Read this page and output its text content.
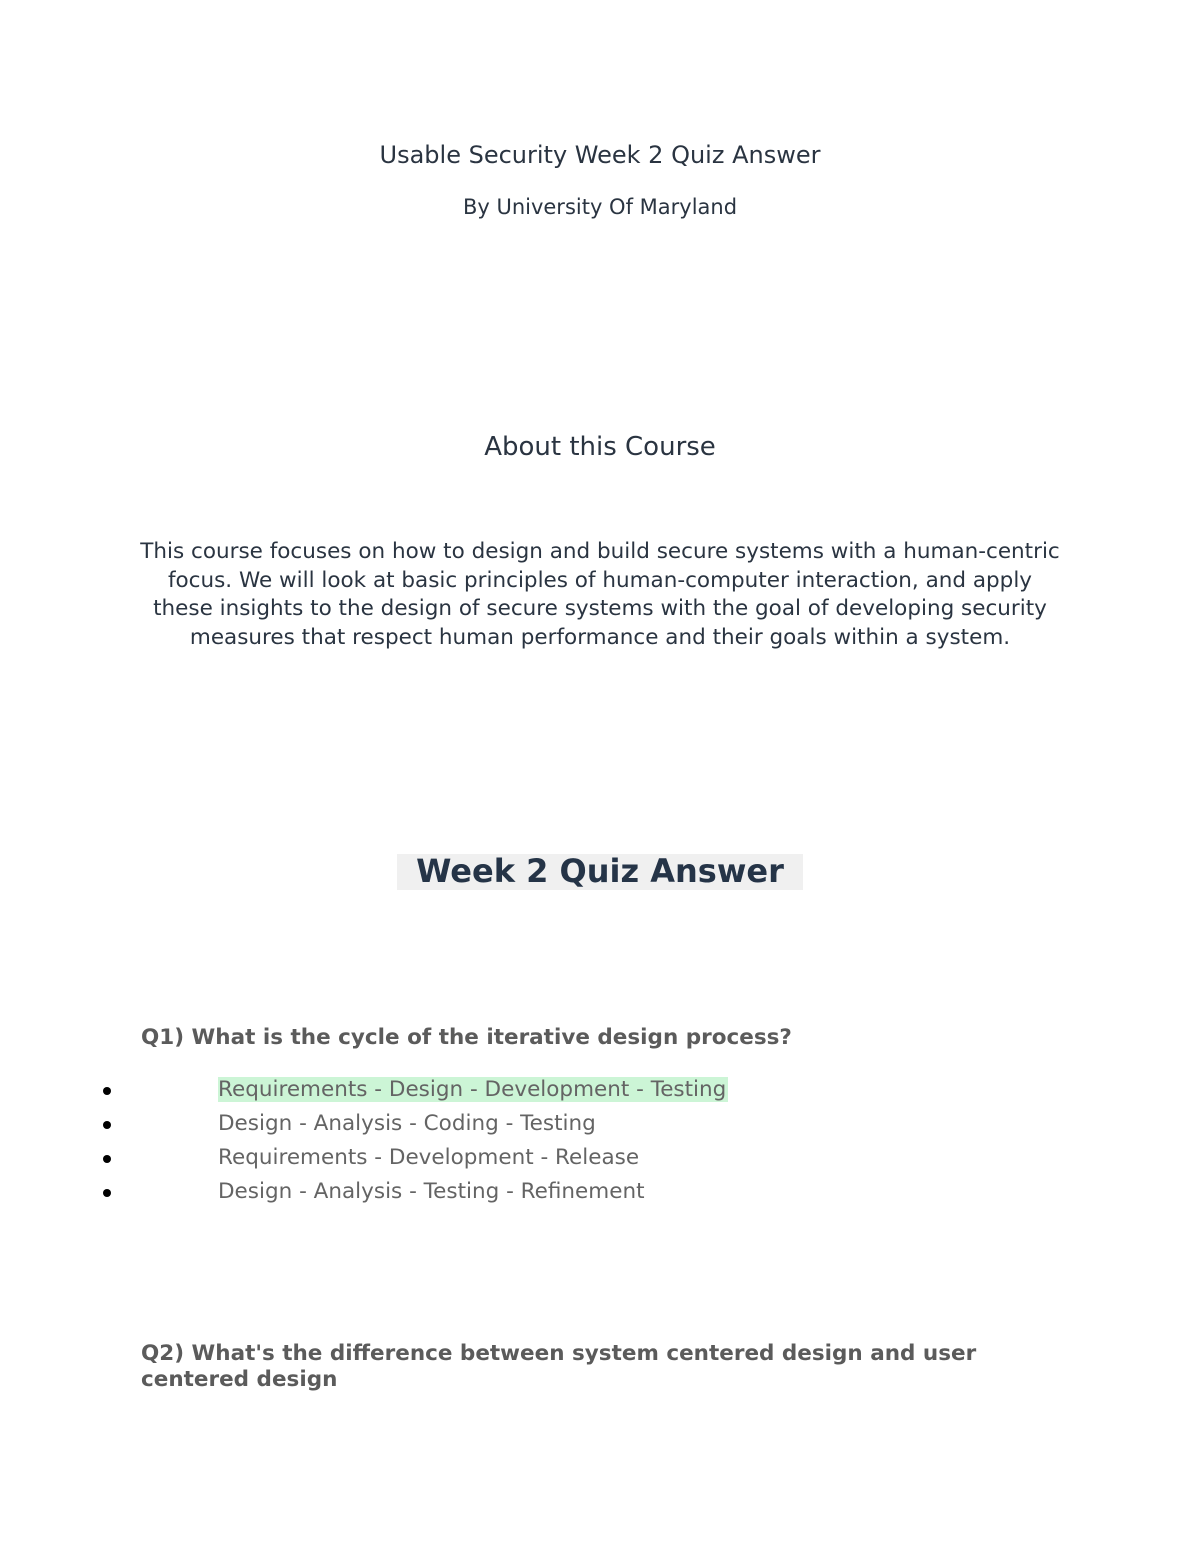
Usable Security Week 2 Quiz Answer
By University Of Maryland
About this Course
This course focuses on how to design and build secure systems with a human-centric focus. We will look at basic principles of human-computer interaction, and apply these insights to the design of secure systems with the goal of developing security measures that respect human performance and their goals within a system.
Week 2 Quiz Answer
Q1) What is the cycle of the iterative design process?
Requirements - Design - Development - Testing
Design - Analysis - Coding - Testing
Requirements - Development - Release
Design - Analysis - Testing - Refinement
Q2) What's the difference between system centered design and user centered design
